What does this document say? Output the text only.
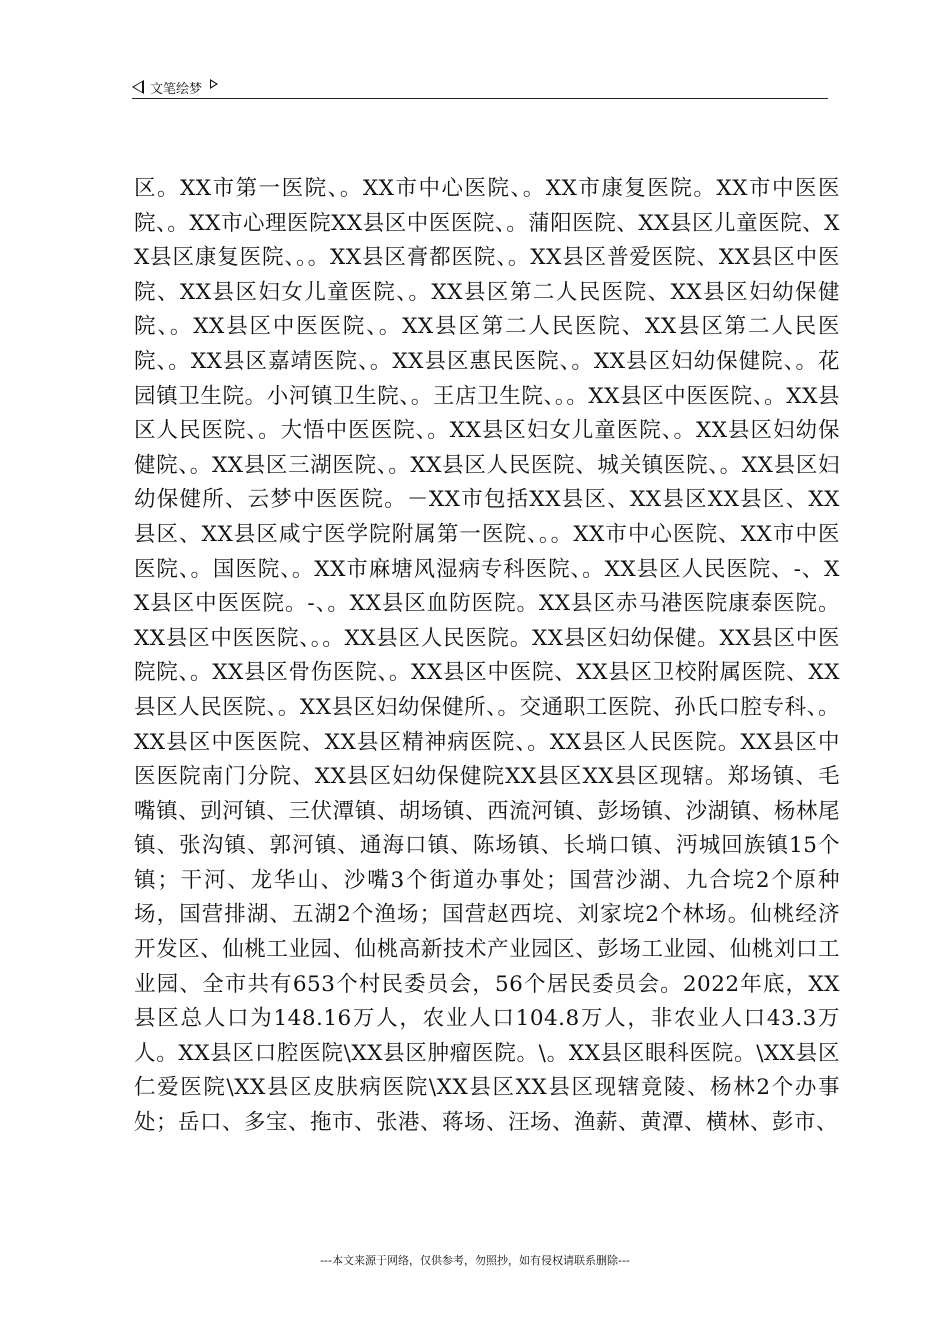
文笔绘梦

区。XX市第一医院、。XX市中心医院、。XX市康复医院。XX市中医医院、。XX市心理医院XX县区中医医院、。蒲阳医院、XX县区儿童医院、XX县区康复医院、。。XX县区膏都医院、。XX县区普爱医院、XX县区中医院、XX县区妇女儿童医院、。XX县区第二人民医院、XX县区妇幼保健院、。XX县区中医医院、。XX县区第二人民医院、XX县区第二人民医院、。XX县区嘉靖医院、。XX县区惠民医院、。XX县区妇幼保健院、。花园镇卫生院。小河镇卫生院、。王店卫生院、。。XX县区中医医院、。XX县区人民医院、。大悟中医医院、。XX县区妇女儿童医院、。XX县区妇幼保健院、。XX县区三湖医院、。XX县区人民医院、城关镇医院、。XX县区妇幼保健所、云梦中医医院。－XX市包括XX县区、XX县区XX县区、XX县区、XX县区咸宁医学院附属第一医院、。。XX市中心医院、XX市中医医院、。国医院、。XX市麻塘风湿病专科医院、。XX县区人民医院、-、XX县区中医医院。-、。XX县区血防医院。XX县区赤马港医院康泰医院。XX县区中医医院、。。XX县区人民医院。XX县区妇幼保健。XX县区中医院院、。XX县区骨伤医院、。XX县区中医院、XX县区卫校附属医院、XX县区人民医院、。XX县区妇幼保健所、。交通职工医院、孙氏口腔专科、。XX县区中医医院、XX县区精神病医院、。XX县区人民医院。XX县区中医医院南门分院、XX县区妇幼保健院XX县区XX县区现辖。郑场镇、毛嘴镇、剅河镇、三伏潭镇、胡场镇、西流河镇、彭场镇、沙湖镇、杨林尾镇、张沟镇、郭河镇、通海口镇、陈场镇、长埫口镇、沔城回族镇15个镇；干河、龙华山、沙嘴3个街道办事处；国营沙湖、九合垸2个原种场，国营排湖、五湖2个渔场；国营赵西垸、刘家垸2个林场。仙桃经济开发区、仙桃工业园、仙桃高新技术产业园区、彭场工业园、仙桃刘口工业园、全市共有653个村民委员会，56个居民委员会。2022年底，XX县区总人口为148.16万人，农业人口104.8万人，非农业人口43.3万人。XX县区口腔医院\XX县区肿瘤医院。\。XX县区眼科医院。\XX县区仁爱医院\XX县区皮肤病医院\XX县区XX县区现辖竟陵、杨林2个办事处；岳口、多宝、拖市、张港、蒋场、汪场、渔薪、黄潭、横林、彭市、

---本文来源于网络，仅供参考，勿照抄，如有侵权请联系删除---
